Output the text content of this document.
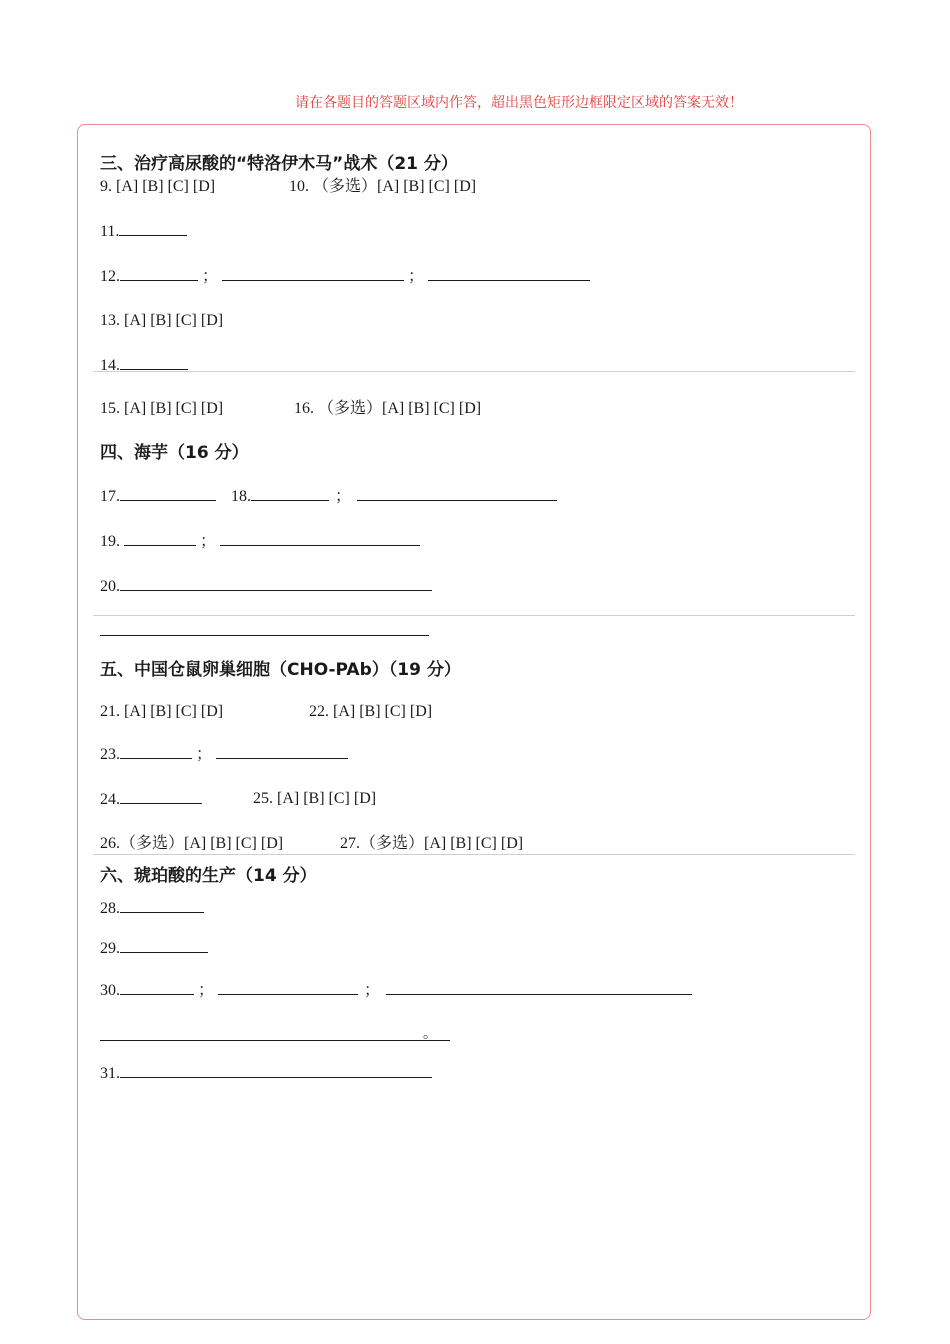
请在各题目的答题区域内作答，超出黑色矩形边框限定区域的答案无效！
三、治疗高尿酸的“特洛伊木马”战术（21 分）
9. [A] [B] [C] [D]	10. （多选）[A] [B] [C] [D]
11.
12.	；	；
13. [A] [B] [C] [D]
14.
15. [A] [B] [C] [D]	16. （多选）[A] [B] [C] [D]
四、海芋（16 分）
17.	18.	；
19.	；
20.
五、中国仓鼠卵巢细胞（CHO-PAb）（19 分）
21. [A] [B] [C] [D]	22. [A] [B] [C] [D]
23.	；
24.	25. [A] [B] [C] [D]
26.（多选）[A] [B] [C] [D]	27.（多选）[A] [B] [C] [D]
六、琥珀酸的生产（14 分）
28.
29.
30.	；	；
。
31.
